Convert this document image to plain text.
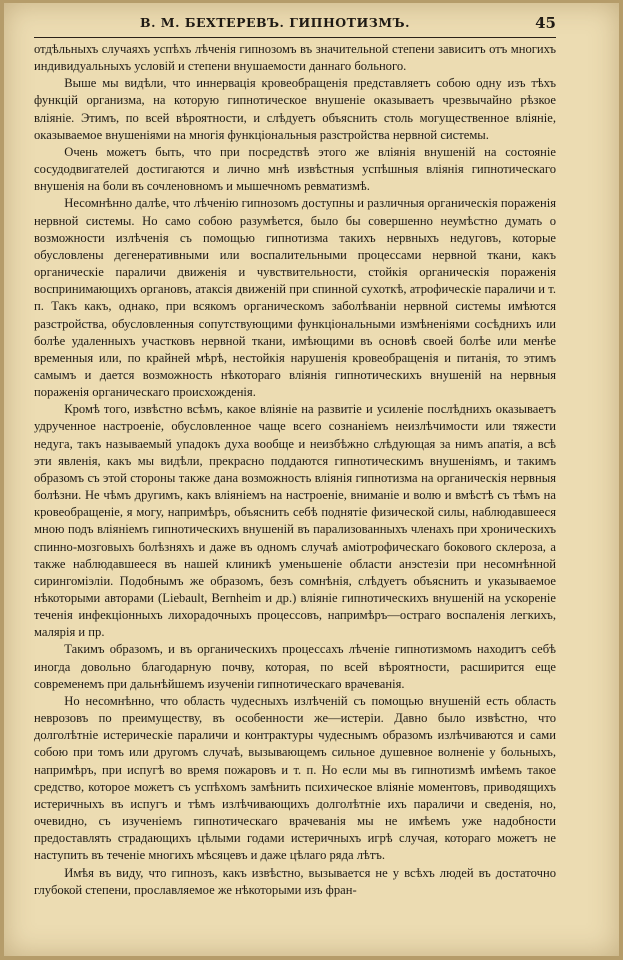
В. М. БЕХТЕРЕВЪ. ГИПНОТИЗМЪ.	45

отдѣльныхъ случаяхъ успѣхъ лѣченія гипнозомъ въ значительной степени зависитъ отъ многихъ индивидуальныхъ условій и степени внушаемости даннаго больного.

Выше мы видѣли, что иннервація кровеобращенія представляетъ собою одну изъ тѣхъ функцій организма, на которую гипнотическое внушеніе оказываетъ чрезвычайно рѣзкое вліяніе. Этимъ, по всей вѣроятности, и слѣдуетъ объяснить столь могущественное вліяніе, оказываемое внушеніями на многія функціональныя разстройства нервной системы.

Очень можетъ быть, что при посредствѣ этого же вліянія внушеній на состояніе сосудодвигателей достигаются и лично мнѣ извѣстныя успѣшныя вліянія гипнотическаго внушенія на боли въ сочленовномъ и мышечномъ ревматизмѣ.

Несомнѣнно далѣе, что лѣченію гипнозомъ доступны и различныя органическія пораженія нервной системы. Но само собою разумѣется, было бы совершенно неумѣстно думать о возможности излѣченія съ помощью гипнотизма такихъ нервныхъ недуговъ, которые обусловлены дегенеративными или воспалительными процессами нервной ткани, какъ органическіе параличи движенія и чувствительности, стойкія органическія пораженія воспринимающихъ органовъ, атаксія движеній при спинной сухоткѣ, атрофическіе параличи и т. п. Такъ какъ, однако, при всякомъ органическомъ заболѣваніи нервной системы имѣются разстройства, обусловленныя сопутствующими функціональными измѣненіями сосѣднихъ или болѣе удаленныхъ участковъ нервной ткани, имѣющими въ основѣ своей болѣе или менѣе временныя или, по крайней мѣрѣ, нестойкія нарушенія кровеобращенія и питанія, то этимъ самымъ и дается возможность нѣкотораго вліянія гипнотическихъ внушеній на нервныя пораженія органическаго происхожденія.

Кромѣ того, извѣстно всѣмъ, какое вліяніе на развитіе и усиленіе послѣднихъ оказываетъ удрученное настроеніе, обусловленное чаще всего сознаніемъ неизлѣчимости или тяжести недуга, такъ называемый упадокъ духа вообще и неизбѣжно слѣдующая за нимъ апатія, а всѣ эти явленія, какъ мы видѣли, прекрасно поддаются гипнотическимъ внушеніямъ, и такимъ образомъ съ этой стороны также дана возможность вліянія гипнотизма на органическія нервныя болѣзни. Не чѣмъ другимъ, какъ вліяніемъ на настроеніе, вниманіе и волю и вмѣстѣ съ тѣмъ на кровеобращеніе, я могу, напримѣръ, объяснить себѣ поднятіе физической силы, наблюдавшееся мною подъ вліяніемъ гипнотическихъ внушеній въ парализованныхъ членахъ при хроническихъ спинно-мозговыхъ болѣзняхъ и даже въ одномъ случаѣ аміотрофическаго бокового склероза, а также наблюдавшееся въ нашей клиникѣ уменьшеніе области анэстезіи при несомнѣнной сирингоміэліи. Подобнымъ же образомъ, безъ сомнѣнія, слѣдуетъ объяснить и указываемое нѣкоторыми авторами (Liebault, Bernheim и др.) вліяніе гипнотическихъ внушеній на ускореніе теченія инфекціонныхъ лихорадочныхъ процессовъ, напримѣръ—остраго воспаленія легкихъ, малярія и пр.

Такимъ образомъ, и въ органическихъ процессахъ лѣченіе гипнотизмомъ находитъ себѣ иногда довольно благодарную почву, которая, по всей вѣроятности, расширится еще современемъ при дальнѣйшемъ изученіи гипнотическаго врачеванія.

Но несомнѣнно, что область чудесныхъ излѣченій съ помощью внушеній есть область неврозовъ по преимуществу, въ особенности же—истеріи. Давно было извѣстно, что долголѣтніе истерическіе параличи и контрактуры чудеснымъ образомъ излѣчиваются и сами собою при томъ или другомъ случаѣ, вызывающемъ сильное душевное волненіе у больныхъ, напримѣръ, при испугѣ во время пожаровъ и т. п. Но если мы въ гипнотизмѣ имѣемъ такое средство, которое можетъ съ успѣхомъ замѣнить психическое вліяніе моментовъ, приводящихъ истеричныхъ въ испугъ и тѣмъ излѣчивающихъ долголѣтніе ихъ параличи и сведенія, но, очевидно, съ изученіемъ гипнотическаго врачеванія мы не имѣемъ уже надобности предоставлять страдающихъ цѣлыми годами истеричныхъ игрѣ случая, котораго можетъ не наступить въ теченіе многихъ мѣсяцевъ и даже цѣлаго ряда лѣтъ.

Имѣя въ виду, что гипнозъ, какъ извѣстно, вызывается не у всѣхъ людей въ достаточно глубокой степени, прославляемое же нѣкоторыми изъ фран-
